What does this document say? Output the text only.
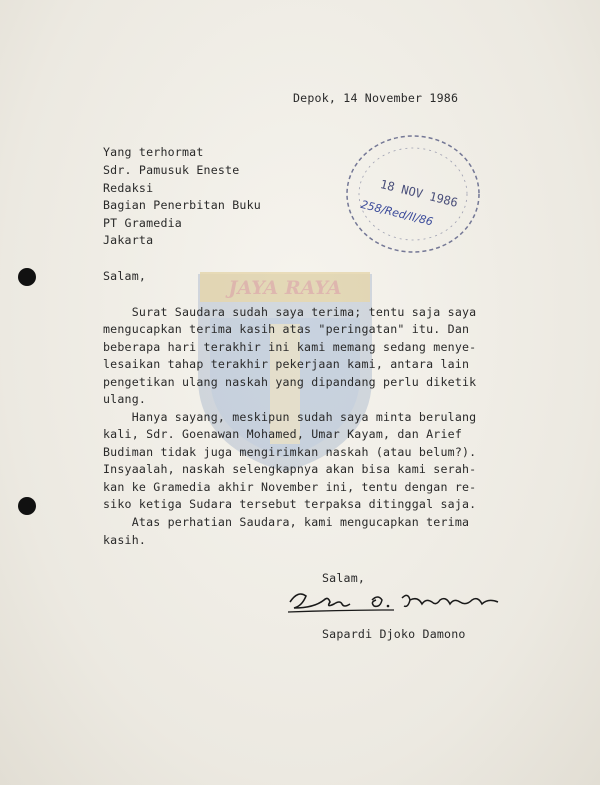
JAYA RAYA
Depok, 14 November 1986
Yang terhormat
Sdr. Pamusuk Eneste
Redaksi
Bagian Penerbitan Buku
PT Gramedia
Jakarta
18 NOV 1986
258/Red/II/86
Salam,
Surat Saudara sudah saya terima; tentu saja saya
mengucapkan terima kasih atas "peringatan" itu. Dan
beberapa hari terakhir ini kami memang sedang menye-
lesaikan tahap terakhir pekerjaan kami, antara lain
pengetikan ulang naskah yang dipandang perlu diketik
ulang.
Hanya sayang, meskipun sudah saya minta berulang
kali, Sdr. Goenawan Mohamed, Umar Kayam, dan Arief
Budiman tidak juga mengirimkan naskah (atau belum?).
Insyaalah, naskah selengkapnya akan bisa kami serah-
kan ke Gramedia akhir November ini, tentu dengan re-
siko ketiga Sudara tersebut terpaksa ditinggal saja.
Atas perhatian Saudara, kami mengucapkan terima
kasih.
Salam,
Sapardi Djoko Damono
